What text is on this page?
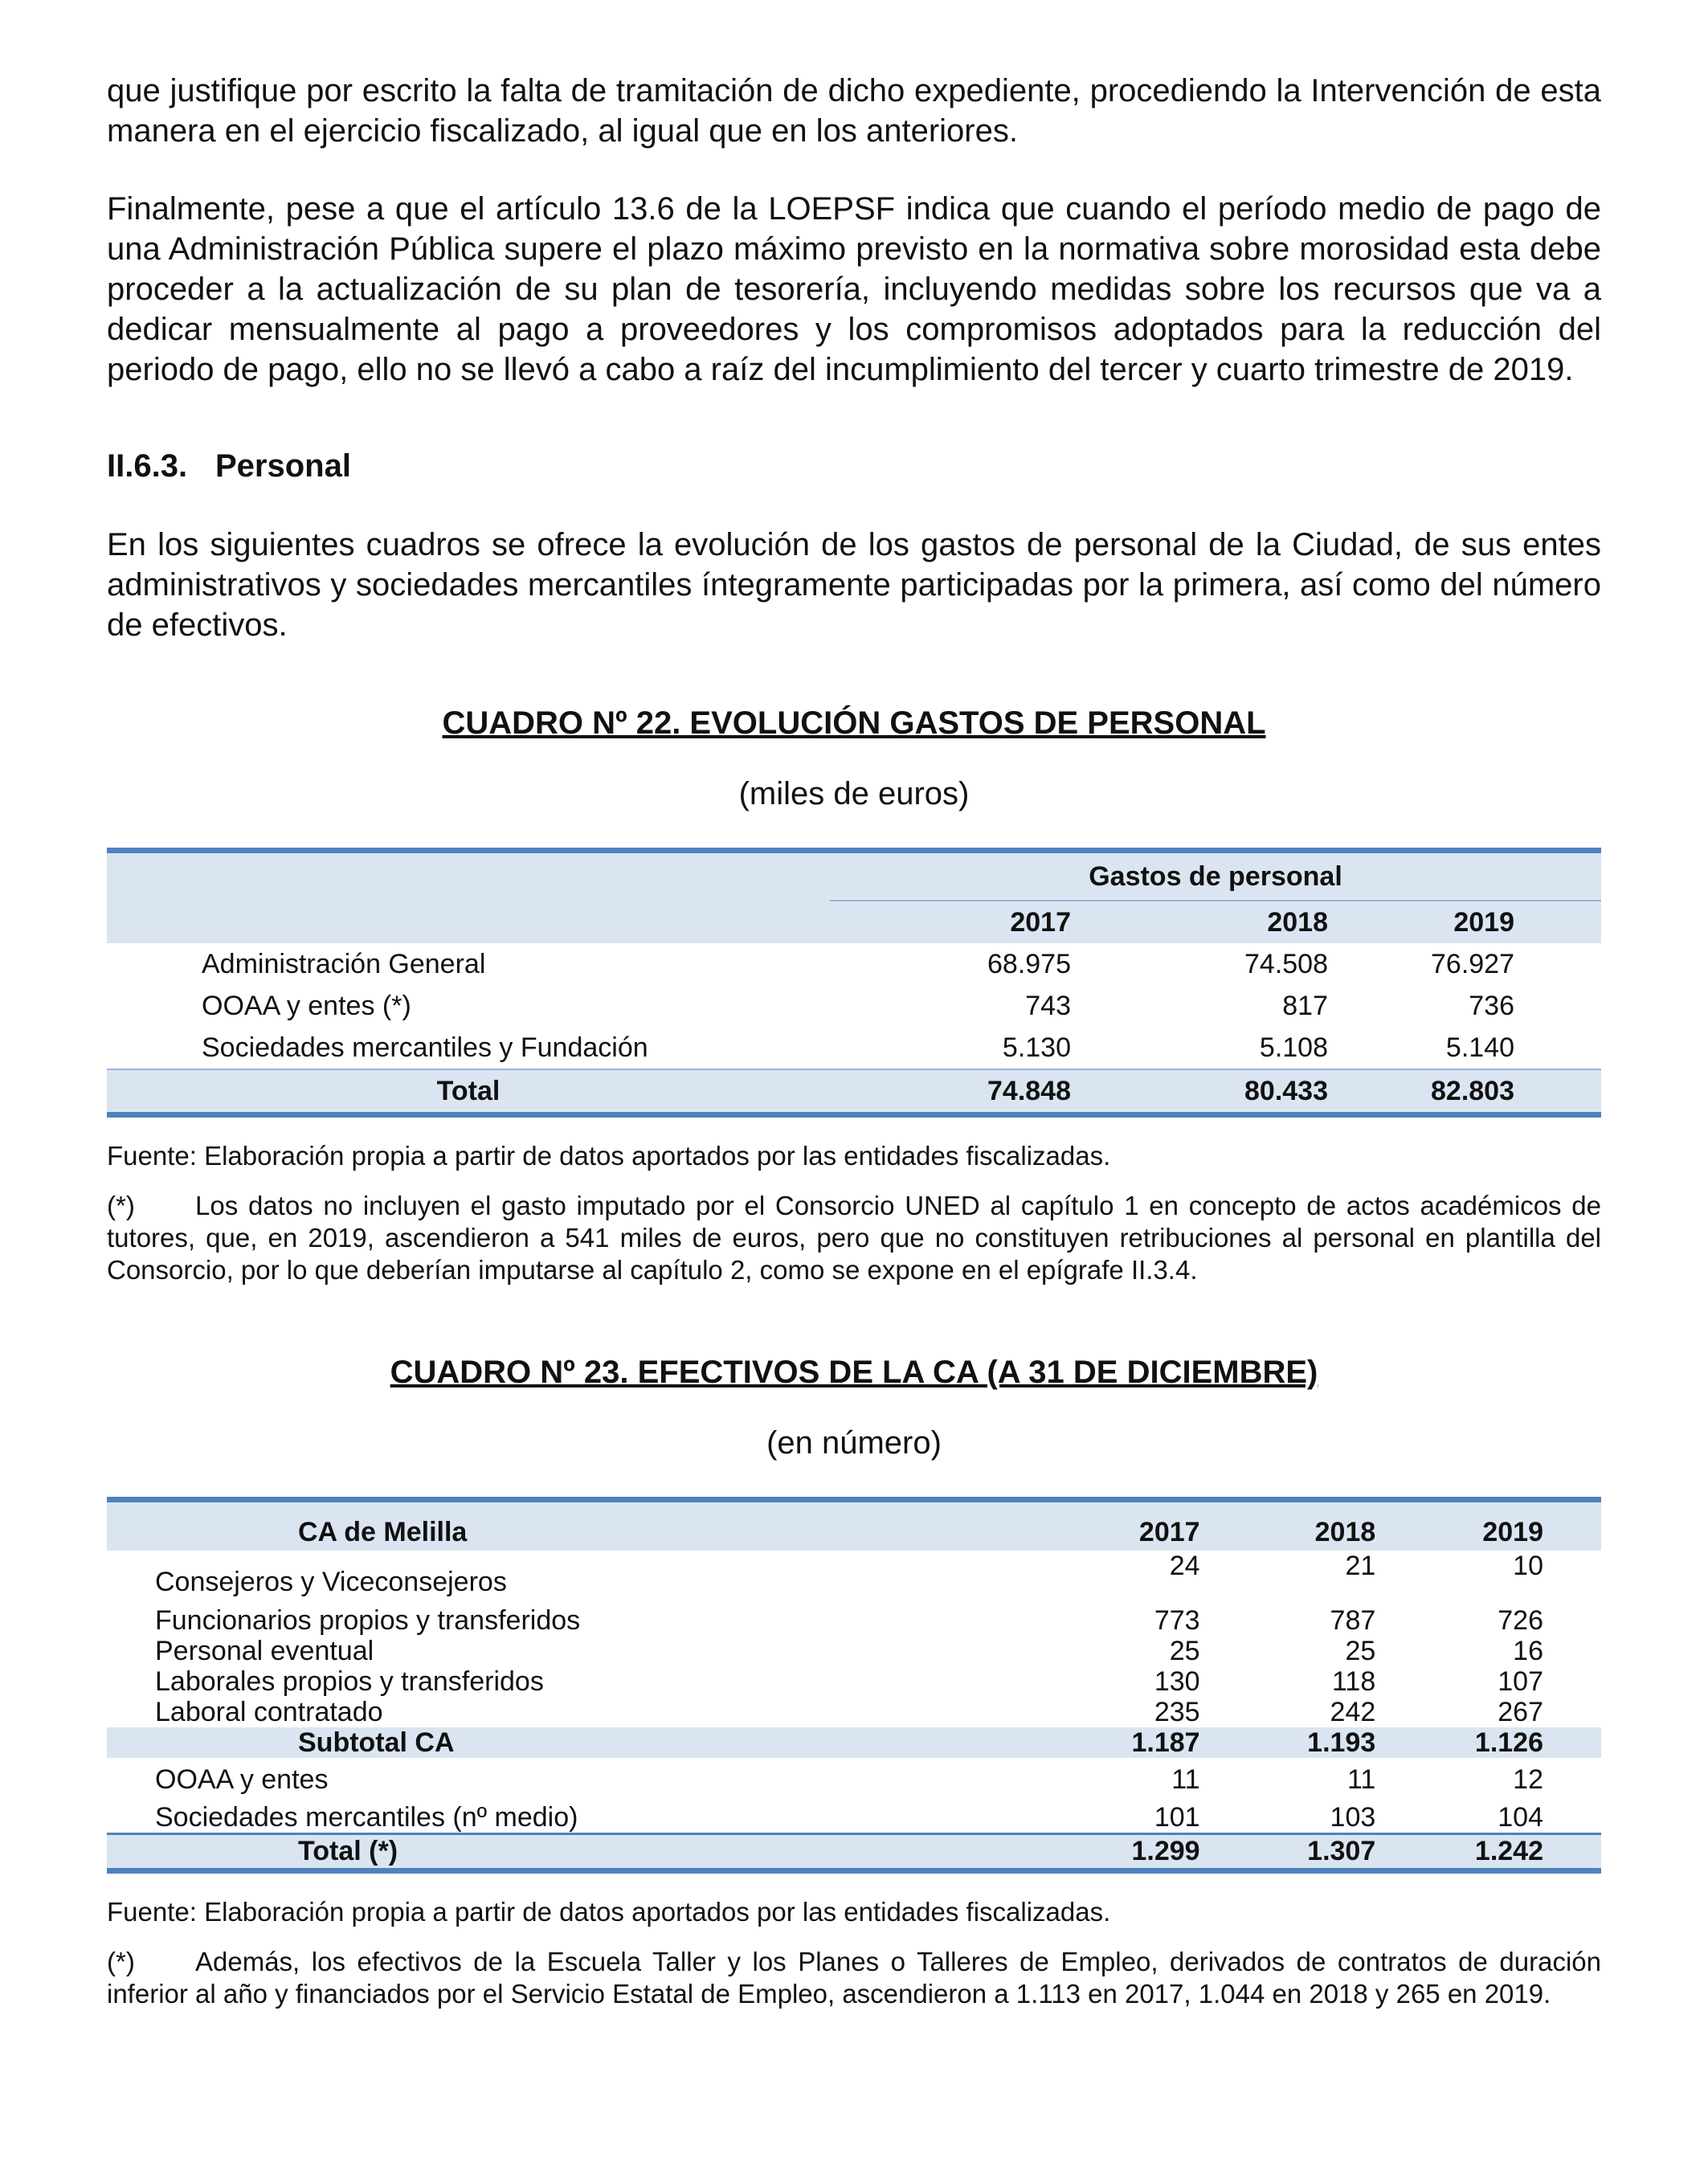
que justifique por escrito la falta de tramitación de dicho expediente, procediendo la Intervención de esta manera en el ejercicio fiscalizado, al igual que en los anteriores.

Finalmente, pese a que el artículo 13.6 de la LOEPSF indica que cuando el período medio de pago de una Administración Pública supere el plazo máximo previsto en la normativa sobre morosidad esta debe proceder a la actualización de su plan de tesorería, incluyendo medidas sobre los recursos que va a dedicar mensualmente al pago a proveedores y los compromisos adoptados para la reducción del periodo de pago, ello no se llevó a cabo a raíz del incumplimiento del tercer y cuarto trimestre de 2019.

II.6.3. Personal

En los siguientes cuadros se ofrece la evolución de los gastos de personal de la Ciudad, de sus entes administrativos y sociedades mercantiles íntegramente participadas por la primera, así como del número de efectivos.

CUADRO Nº 22. EVOLUCIÓN GASTOS DE PERSONAL

(miles de euros)

	Gastos de personal		
	2017	2018	2019
Administración General	68.975	74.508	76.927
OOAA y entes (*)	743	817	736
Sociedades mercantiles y Fundación	5.130	5.108	5.140
Total	74.848	80.433	82.803

Fuente: Elaboración propia a partir de datos aportados por las entidades fiscalizadas.

(*) Los datos no incluyen el gasto imputado por el Consorcio UNED al capítulo 1 en concepto de actos académicos de tutores, que, en 2019, ascendieron a 541 miles de euros, pero que no constituyen retribuciones al personal en plantilla del Consorcio, por lo que deberían imputarse al capítulo 2, como se expone en el epígrafe II.3.4.

CUADRO Nº 23. EFECTIVOS DE LA CA (A 31 DE DICIEMBRE)

(en número)

CA de Melilla	2017	2018	2019
Consejeros y Viceconsejeros	24	21	10
Funcionarios propios y transferidos	773	787	726
Personal eventual	25	25	16
Laborales propios y transferidos	130	118	107
Laboral contratado	235	242	267
Subtotal CA	1.187	1.193	1.126
OOAA y entes	11	11	12
Sociedades mercantiles (nº medio)	101	103	104
Total (*)	1.299	1.307	1.242

Fuente: Elaboración propia a partir de datos aportados por las entidades fiscalizadas.

(*) Además, los efectivos de la Escuela Taller y los Planes o Talleres de Empleo, derivados de contratos de duración inferior al año y financiados por el Servicio Estatal de Empleo, ascendieron a 1.113 en 2017, 1.044 en 2018 y 265 en 2019.
